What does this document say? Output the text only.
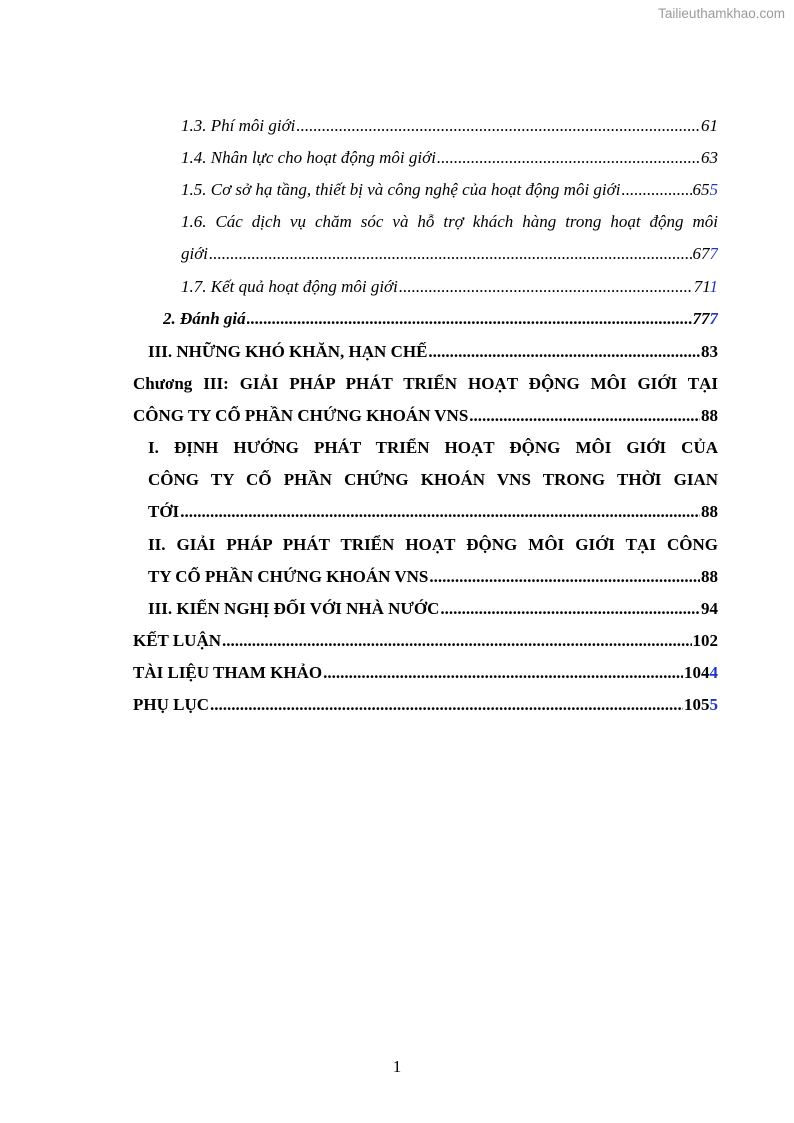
Tailieuthamkhao.com
1.3. Phí môi giới .....	61
1.4. Nhân lực cho hoạt động môi giới .....	63
1.5. Cơ sở hạ tầng, thiết bị và công nghệ của hoạt động môi giới .....	655
1.6. Các dịch vụ chăm sóc và hỗ trợ khách hàng trong hoạt động môi
giới .....	677
1.7. Kết quả hoạt động môi giới .....	711
2. Đánh giá .....	777
III. NHỮNG KHÓ KHĂN, HẠN CHẾ .....	83
Chương III: GIẢI PHÁP PHÁT TRIỂN HOẠT ĐỘNG MÔI GIỚI TẠI
CÔNG TY CỔ PHẦN CHỨNG KHOÁN VNS .....	88
I. ĐỊNH HƯỚNG PHÁT TRIỂN HOẠT ĐỘNG MÔI GIỚI CỦA
CÔNG TY CỔ PHẦN CHỨNG KHOÁN VNS TRONG THỜI GIAN
TỚI .....	88
II. GIẢI PHÁP PHÁT TRIỂN HOẠT ĐỘNG MÔI GIỚI TẠI CÔNG
TY CỔ PHẦN CHỨNG KHOÁN VNS .....	88
III. KIẾN NGHỊ ĐỐI VỚI NHÀ NƯỚC .....	94
KẾT LUẬN .....	102
TÀI LIỆU THAM KHẢO .....	1044
PHỤ LỤC .....	1055
1
